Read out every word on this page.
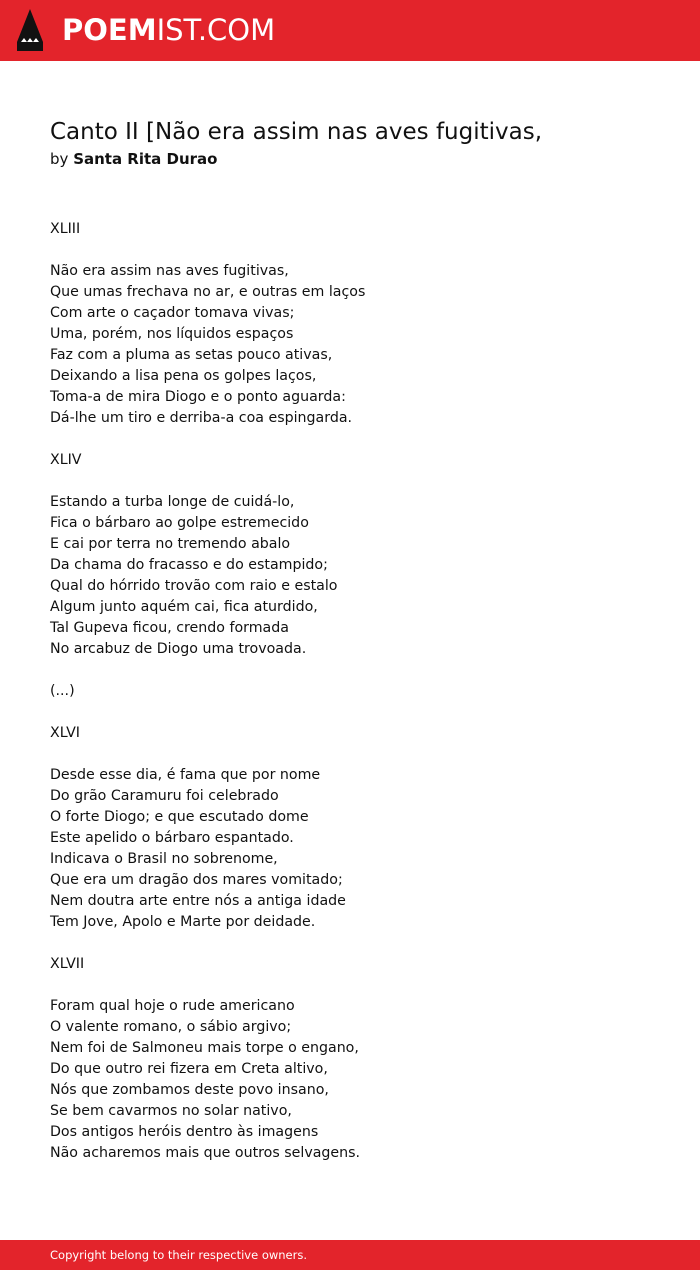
POEMIST.COM
Canto II [Não era assim nas aves fugitivas,
by Santa Rita Durao
XLIII
Não era assim nas aves fugitivas,
Que umas frechava no ar, e outras em laços
Com arte o caçador tomava vivas;
Uma, porém, nos líquidos espaços
Faz com a pluma as setas pouco ativas,
Deixando a lisa pena os golpes laços,
Toma-a de mira Diogo e o ponto aguarda:
Dá-lhe um tiro e derriba-a coa espingarda.
XLIV
Estando a turba longe de cuidá-lo,
Fica o bárbaro ao golpe estremecido
E cai por terra no tremendo abalo
Da chama do fracasso e do estampido;
Qual do hórrido trovão com raio e estalo
Algum junto aquém cai, fica aturdido,
Tal Gupeva ficou, crendo formada
No arcabuz de Diogo uma trovoada.
(...)
XLVI
Desde esse dia, é fama que por nome
Do grão Caramuru foi celebrado
O forte Diogo; e que escutado dome
Este apelido o bárbaro espantado.
Indicava o Brasil no sobrenome,
Que era um dragão dos mares vomitado;
Nem doutra arte entre nós a antiga idade
Tem Jove, Apolo e Marte por deidade.
XLVII
Foram qual hoje o rude americano
O valente romano, o sábio argivo;
Nem foi de Salmoneu mais torpe o engano,
Do que outro rei fizera em Creta altivo,
Nós que zombamos deste povo insano,
Se bem cavarmos no solar nativo,
Dos antigos heróis dentro às imagens
Não acharemos mais que outros selvagens.
Copyright belong to their respective owners.
